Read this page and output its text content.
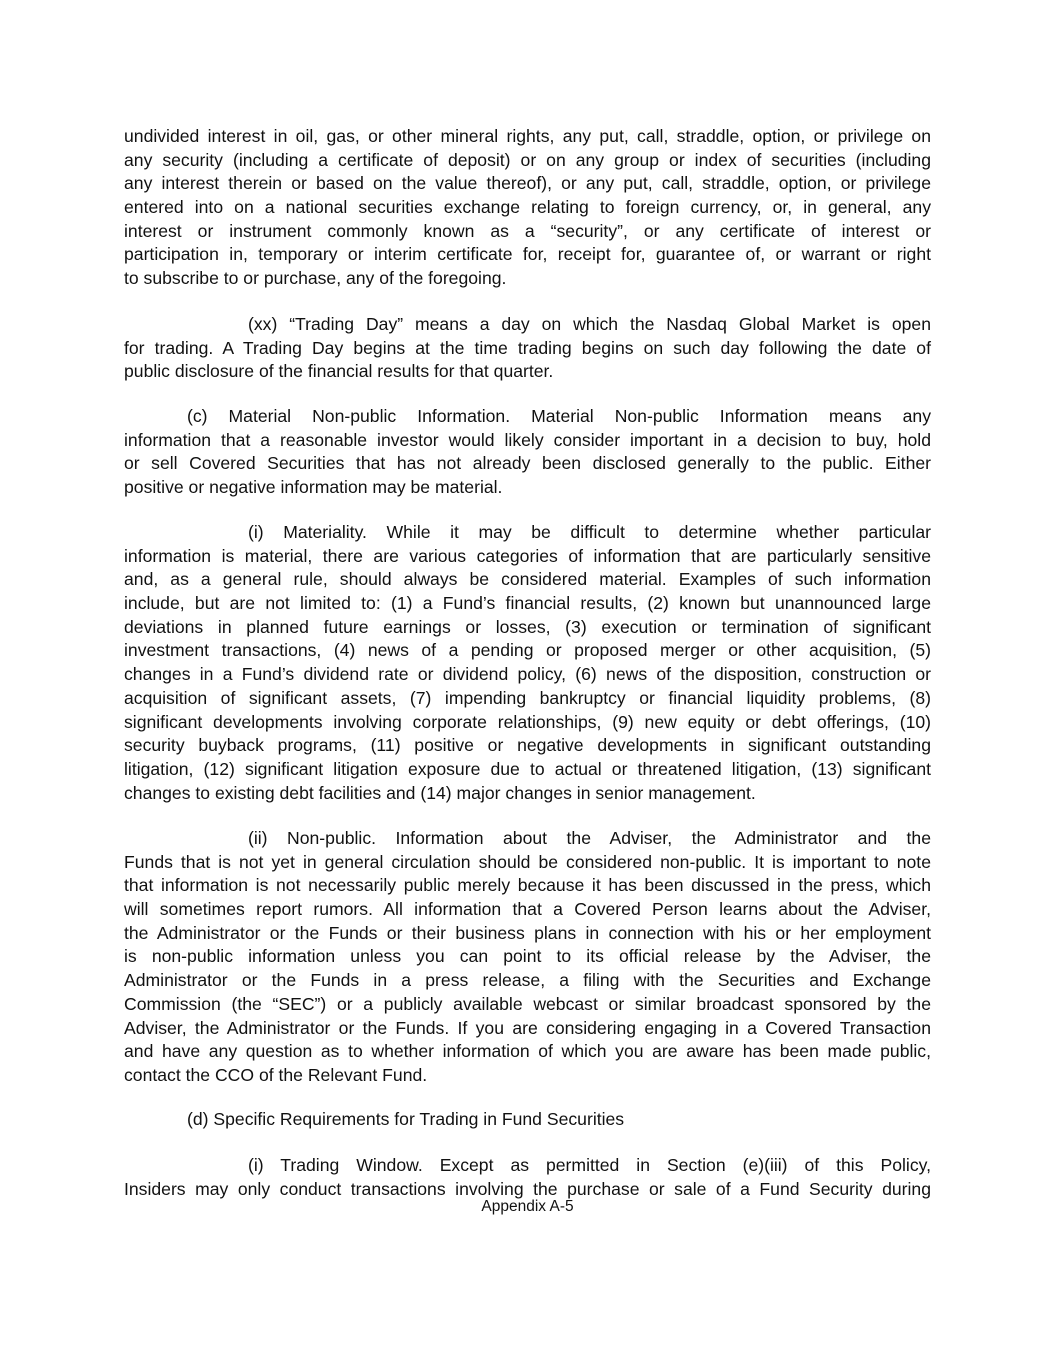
undivided interest in oil, gas, or other mineral rights, any put, call, straddle, option, or privilege on
any security (including a certificate of deposit) or on any group or index of securities (including
any interest therein or based on the value thereof), or any put, call, straddle, option, or privilege
entered into on a national securities exchange relating to foreign currency, or, in general, any
interest or instrument commonly known as a “security”, or any certificate of interest or
participation in, temporary or interim certificate for, receipt for, guarantee of, or warrant or right
to subscribe to or purchase, any of the foregoing.
(xx) “Trading Day” means a day on which the Nasdaq Global Market is open
for trading. A Trading Day begins at the time trading begins on such day following the date of
public disclosure of the financial results for that quarter.
(c) Material Non-public Information. Material Non-public Information means any
information that a reasonable investor would likely consider important in a decision to buy, hold
or sell Covered Securities that has not already been disclosed generally to the public. Either
positive or negative information may be material.
(i) Materiality. While it may be difficult to determine whether particular
information is material, there are various categories of information that are particularly sensitive
and, as a general rule, should always be considered material. Examples of such information
include, but are not limited to: (1) a Fund’s financial results, (2) known but unannounced large
deviations in planned future earnings or losses, (3) execution or termination of significant
investment transactions, (4) news of a pending or proposed merger or other acquisition, (5)
changes in a Fund’s dividend rate or dividend policy, (6) news of the disposition, construction or
acquisition of significant assets, (7) impending bankruptcy or financial liquidity problems, (8)
significant developments involving corporate relationships, (9) new equity or debt offerings, (10)
security buyback programs, (11) positive or negative developments in significant outstanding
litigation, (12) significant litigation exposure due to actual or threatened litigation, (13) significant
changes to existing debt facilities and (14) major changes in senior management.
(ii) Non-public. Information about the Adviser, the Administrator and the
Funds that is not yet in general circulation should be considered non-public. It is important to note
that information is not necessarily public merely because it has been discussed in the press, which
will sometimes report rumors. All information that a Covered Person learns about the Adviser,
the Administrator or the Funds or their business plans in connection with his or her employment
is non-public information unless you can point to its official release by the Adviser, the
Administrator or the Funds in a press release, a filing with the Securities and Exchange
Commission (the “SEC”) or a publicly available webcast or similar broadcast sponsored by the
Adviser, the Administrator or the Funds. If you are considering engaging in a Covered Transaction
and have any question as to whether information of which you are aware has been made public,
contact the CCO of the Relevant Fund.
(d) Specific Requirements for Trading in Fund Securities
(i) Trading Window. Except as permitted in Section (e)(iii) of this Policy,
Insiders may only conduct transactions involving the purchase or sale of a Fund Security during
Appendix A-5
